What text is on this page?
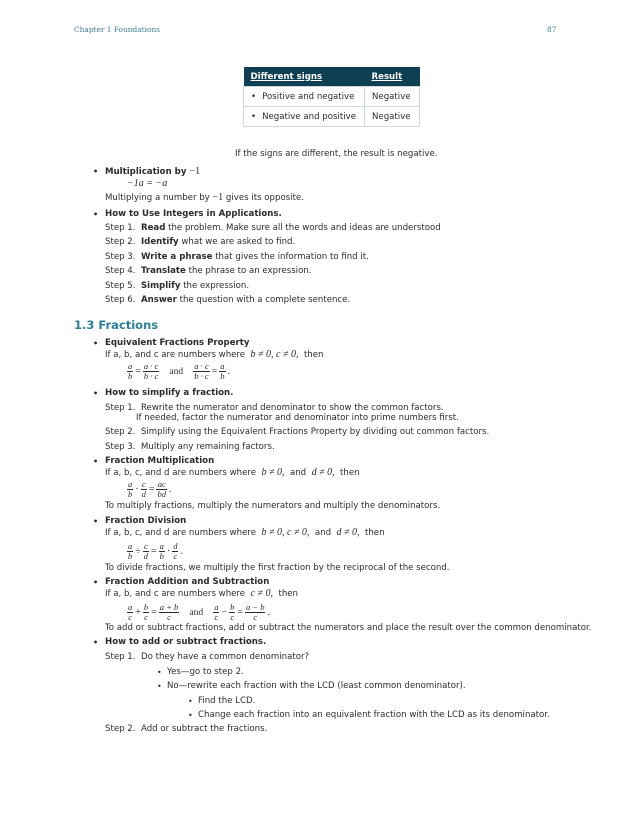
Chapter 1 Foundations	87
Different signs	Result
• Positive and negative	Negative
• Negative and positive	Negative
If the signs are different, the result is negative.
• Multiplication by −1
−1a = −a
Multiplying a number by −1 gives its opposite.
• How to Use Integers in Applications.
Step 1. Read the problem. Make sure all the words and ideas are understood
Step 2. Identify what we are asked to find.
Step 3. Write a phrase that gives the information to find it.
Step 4. Translate the phrase to an expression.
Step 5. Simplify the expression.
Step 6. Answer the question with a complete sentence.
1.3 Fractions
• Equivalent Fractions Property
If a, b, and c are numbers where b ≠ 0, c ≠ 0, then
$\frac{a}{b} = \frac{a \cdot c}{b \cdot c}$ and $\frac{a \cdot c}{b \cdot c} = \frac{a}{b}$ .
• How to simplify a fraction.
Step 1. Rewrite the numerator and denominator to show the common factors.
If needed, factor the numerator and denominator into prime numbers first.
Step 2. Simplify using the Equivalent Fractions Property by dividing out common factors.
Step 3. Multiply any remaining factors.
• Fraction Multiplication
If a, b, c, and d are numbers where b ≠ 0, and d ≠ 0, then
$\frac{a}{b} \cdot \frac{c}{d} = \frac{ac}{bd}$ .
To multiply fractions, multiply the numerators and multiply the denominators.
• Fraction Division
If a, b, c, and d are numbers where b ≠ 0, c ≠ 0, and d ≠ 0, then
$\frac{a}{b} \div \frac{c}{d} = \frac{a}{b} \cdot \frac{d}{c}$ .
To divide fractions, we multiply the first fraction by the reciprocal of the second.
• Fraction Addition and Subtraction
If a, b, and c are numbers where c ≠ 0, then
$\frac{a}{c} + \frac{b}{c} = \frac{a + b}{c}$ and $\frac{a}{c} - \frac{b}{c} = \frac{a - b}{c}$ .
To add or subtract fractions, add or subtract the numerators and place the result over the common denominator.
• How to add or subtract fractions.
Step 1. Do they have a common denominator?
• Yes—go to step 2.
• No—rewrite each fraction with the LCD (least common denominator).
• Find the LCD.
• Change each fraction into an equivalent fraction with the LCD as its denominator.
Step 2. Add or subtract the fractions.
